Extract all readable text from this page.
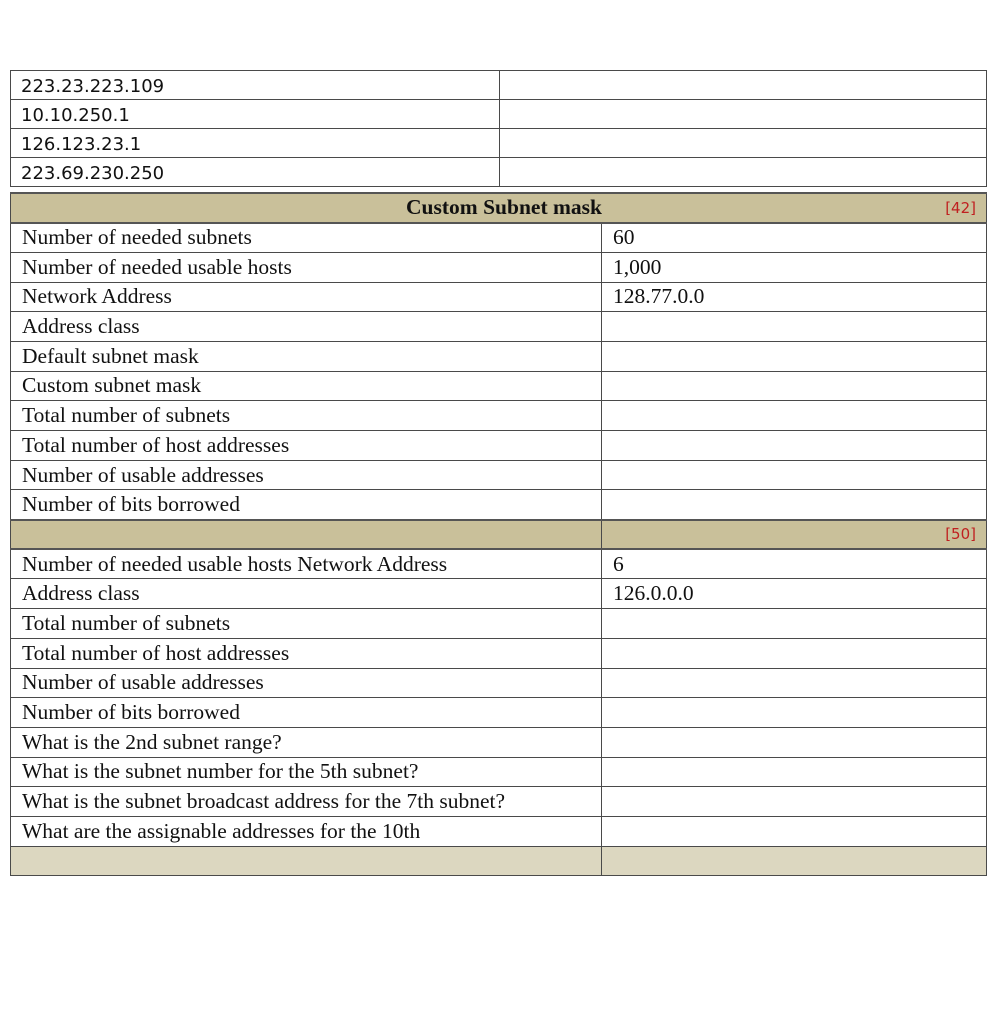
223.23.223.109	
10.10.250.1	
126.123.23.1	
223.69.230.250	
Custom Subnet mask [42]	

Number of needed subnets	60
Number of needed usable hosts	1,000
Network Address	128.77.0.0
Address class	
Default subnet mask	
Custom subnet mask	
Total number of subnets	
Total number of host addresses	
Number of usable addresses	
Number of bits borrowed	

	[50]

Number of needed usable hosts Network Address	6
Address class	126.0.0.0
Total number of subnets	
Total number of host addresses	
Number of usable addresses	
Number of bits borrowed	
What is the 2nd subnet range?	
What is the subnet number for the 5th subnet?	
What is the subnet broadcast address for the 7th subnet?	
What are the assignable addresses for the 10th	
